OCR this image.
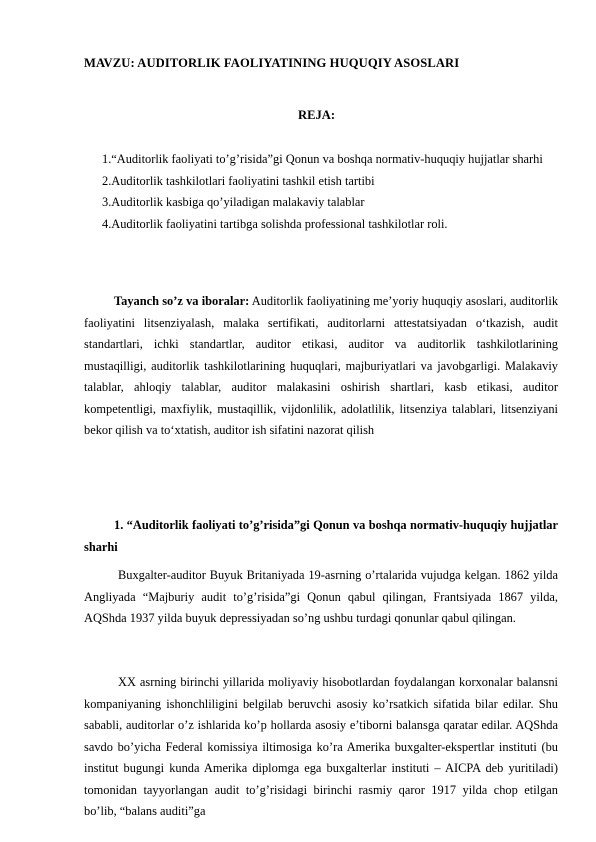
MAVZU: AUDITORLIK FAOLIYATINING HUQUQIY ASOSLARI
REJA:

1.“Auditorlik faoliyati to’g’risida”gi Qonun va boshqa normativ-huquqiy hujjatlar sharhi

2.Auditorlik tashkilotlari faoliyatini tashkil etish tartibi

3.Auditorlik kasbiga qo’yiladigan malakaviy talablar

4.Auditorlik faoliyatini tartibga solishda professional tashkilotlar roli.

Tayanch so’z va iboralar: Auditorlik faoliyatining me’yoriy huquqiy asoslari, auditorlik faoliyatini litsenziyalash, malaka sertifikati, auditorlarni attestatsiyadan o‘tkazish, audit standartlari, ichki standartlar, auditor etikasi, auditor va auditorlik tashkilotlarining mustaqilligi, auditorlik tashkilotlarining huquqlari, majburiyatlari va javobgarligi. Malakaviy talablar, ahloqiy talablar, auditor malakasini oshirish shartlari, kasb etikasi, auditor kompetentligi, maxfiylik, mustaqillik, vijdonlilik, adolatlilik, litsenziya talablari, litsenziyani bekor qilish va to‘xtatish, auditor ish sifatini nazorat qilish

1. “Auditorlik faoliyati to’g’risida”gi Qonun va boshqa normativ-huquqiy hujjatlar sharhi

Buxgalter-auditor Buyuk Britaniyada 19-asrning o’rtalarida vujudga kelgan. 1862 yilda Angliyada “Majburiy audit to’g’risida”gi Qonun qabul qilingan, Frantsiyada 1867 yilda, AQShda 1937 yilda buyuk depressiyadan so’ng ushbu turdagi qonunlar qabul qilingan.

XX asrning birinchi yillarida moliyaviy hisobotlardan foydalangan korxonalar balansni kompaniyaning ishonchliligini belgilab beruvchi asosiy ko’rsatkich sifatida bilar edilar. Shu sababli, auditorlar o’z ishlarida ko’p hollarda asosiy e’tiborni balansga qaratar edilar. AQShda savdo bo’yicha Federal komissiya iltimosiga ko’ra Amerika buxgalter-ekspertlar instituti (bu institut bugungi kunda Amerika diplomga ega buxgalterlar instituti – AICPA deb yuritiladi) tomonidan tayyorlangan audit to’g’risidagi birinchi rasmiy qaror 1917 yilda chop etilgan bo’lib, “balans auditi”ga
